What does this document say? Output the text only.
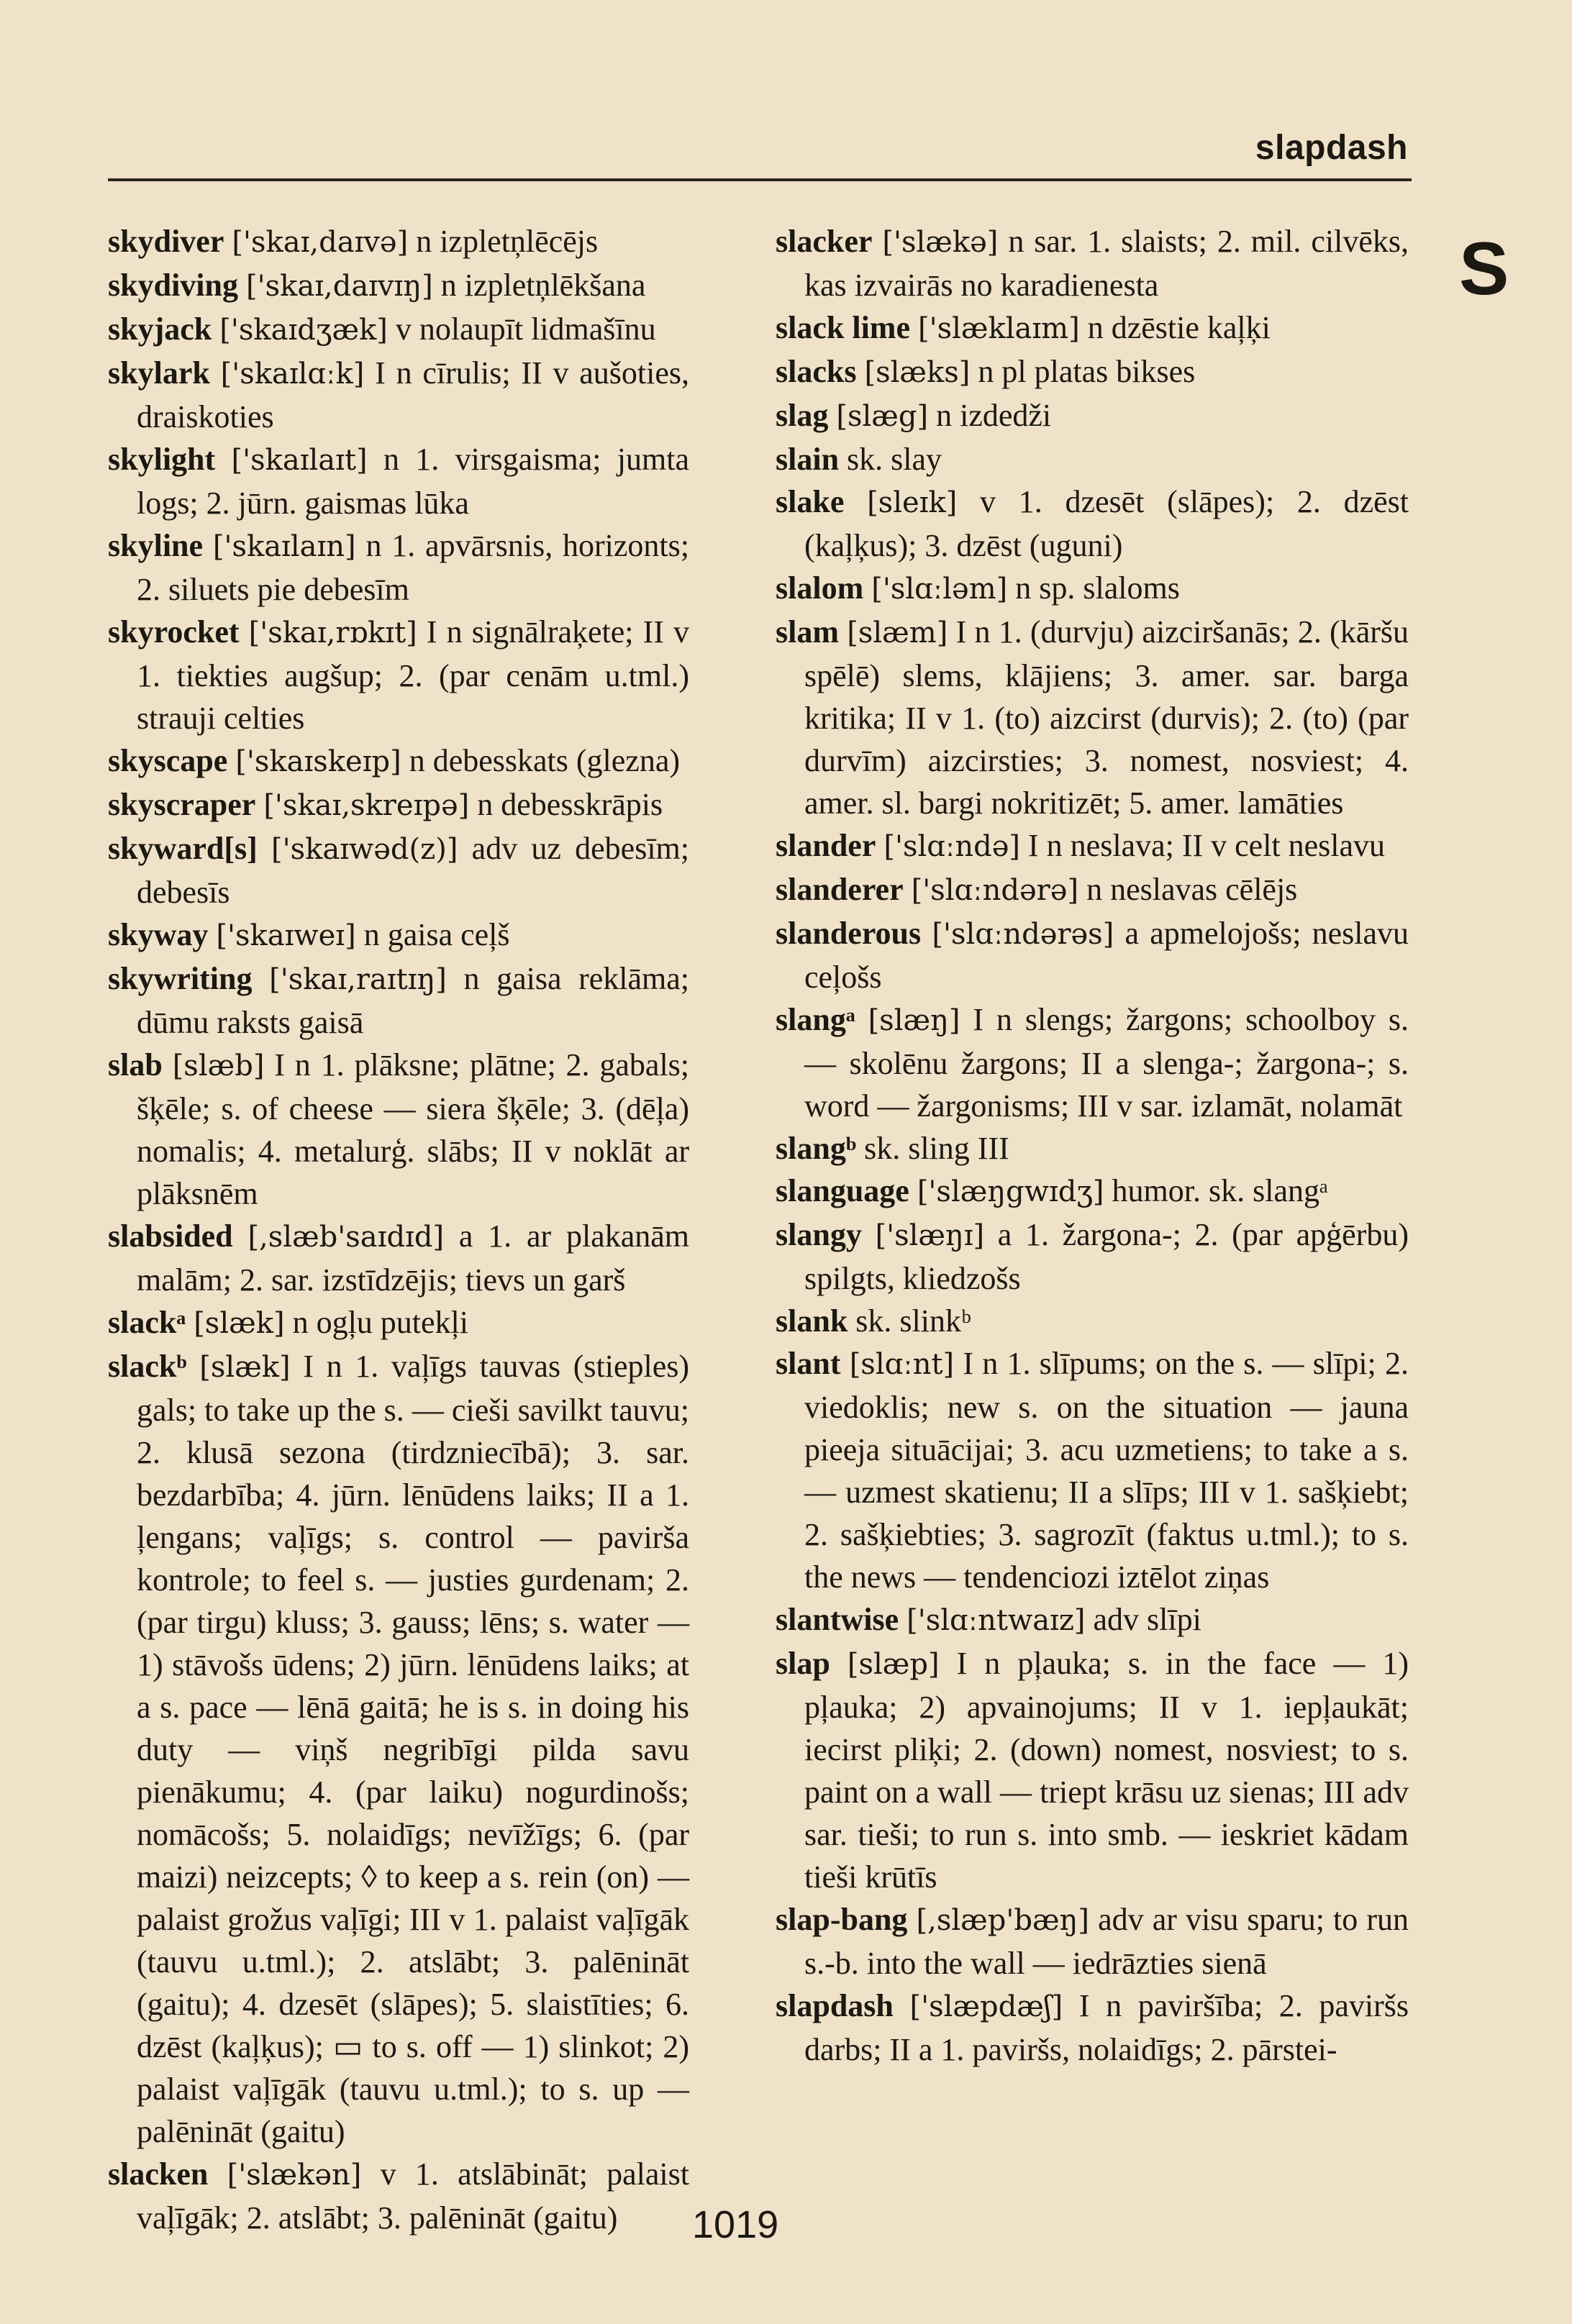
slapdash
S
skydiver ['skaɪ,daɪvə] n izpletņlēcējs
skydiving ['skaɪ,daɪvɪŋ] n izpletņlēkšana
skyjack ['skaɪdʒæk] v nolaupīt lidmašīnu
skylark ['skaɪlɑːk] I n cīrulis; II v aušoties, draiskoties
skylight ['skaɪlaɪt] n 1. virsgaisma; jumta logs; 2. jūrn. gaismas lūka
skyline ['skaɪlaɪn] n 1. apvārsnis, horizonts; 2. siluets pie debesīm
skyrocket ['skaɪ,rɒkɪt] I n signālraķete; II v 1. tiekties augšup; 2. (par cenām u.tml.) strauji celties
skyscape ['skaɪskeɪp] n debesskats (glezna)
skyscraper ['skaɪ,skreɪpə] n debesskrāpis
skyward[s] ['skaɪwəd(z)] adv uz debesīm; debesīs
skyway ['skaɪweɪ] n gaisa ceļš
skywriting ['skaɪ,raɪtɪŋ] n gaisa reklāma; dūmu raksts gaisā
slab [slæb] I n 1. plāksne; plātne; 2. gabals; šķēle; s. of cheese — siera šķēle; 3. (dēļa) nomalis; 4. metalurģ. slābs; II v noklāt ar plāksnēm
slabsided [,slæb'saɪdɪd] a 1. ar plakanām malām; 2. sar. izstīdzējis; tievs un garš
slackᵃ [slæk] n ogļu putekļi
slackᵇ [slæk] I n 1. vaļīgs tauvas (stieples) gals; to take up the s. — cieši savilkt tauvu; 2. klusā sezona (tirdzniecībā); 3. sar. bezdarbība; 4. jūrn. lēnūdens laiks; II a 1. ļengans; vaļīgs; s. control — pavirša kontrole; to feel s. — justies gurdenam; 2. (par tirgu) kluss; 3. gauss; lēns; s. water — 1) stāvošs ūdens; 2) jūrn. lēnūdens laiks; at a s. pace — lēnā gaitā; he is s. in doing his duty — viņš negribīgi pilda savu pienākumu; 4. (par laiku) nogurdinošs; nomācošs; 5. nolaidīgs; nevīžīgs; 6. (par maizi) neizcepts; ◊ to keep a s. rein (on) — palaist grožus vaļīgi; III v 1. palaist vaļīgāk (tauvu u.tml.); 2. atslābt; 3. palēnināt (gaitu); 4. dzesēt (slāpes); 5. slaistīties; 6. dzēst (kaļķus); ▭ to s. off — 1) slinkot; 2) palaist vaļīgāk (tauvu u.tml.); to s. up — palēnināt (gaitu)
slacken ['slækən] v 1. atslābināt; palaist vaļīgāk; 2. atslābt; 3. palēnināt (gaitu)
slacker ['slækə] n sar. 1. slaists; 2. mil. cilvēks, kas izvairās no karadienesta
slack lime ['slæklaɪm] n dzēstie kaļķi
slacks [slæks] n pl platas bikses
slag [slæg] n izdedži
slain sk. slay
slake [sleɪk] v 1. dzesēt (slāpes); 2. dzēst (kaļķus); 3. dzēst (uguni)
slalom ['slɑːləm] n sp. slaloms
slam [slæm] I n 1. (durvju) aizciršanās; 2. (kāršu spēlē) slems, klājiens; 3. amer. sar. barga kritika; II v 1. (to) aizcirst (durvis); 2. (to) (par durvīm) aizcirsties; 3. nomest, nosviest; 4. amer. sl. bargi nokritizēt; 5. amer. lamāties
slander ['slɑːndə] I n neslava; II v celt neslavu
slanderer ['slɑːndərə] n neslavas cēlējs
slanderous ['slɑːndərəs] a apmelojošs; neslavu ceļošs
slangᵃ [slæŋ] I n slengs; žargons; schoolboy s. — skolēnu žargons; II a slenga-; žargona-; s. word — žargonisms; III v sar. izlamāt, nolamāt
slangᵇ sk. sling III
slanguage ['slæŋgwɪdʒ] humor. sk. slangᵃ
slangy ['slæŋɪ] a 1. žargona-; 2. (par apģērbu) spilgts, kliedzošs
slank sk. slinkᵇ
slant [slɑːnt] I n 1. slīpums; on the s. — slīpi; 2. viedoklis; new s. on the situation — jauna pieeja situācijai; 3. acu uzmetiens; to take a s. — uzmest skatienu; II a slīps; III v 1. sašķiebt; 2. sašķiebties; 3. sagrozīt (faktus u.tml.); to s. the news — tendenciozi iztēlot ziņas
slantwise ['slɑːntwaɪz] adv slīpi
slap [slæp] I n pļauka; s. in the face — 1) pļauka; 2) apvainojums; II v 1. iepļaukāt; iecirst pliķi; 2. (down) nomest, nosviest; to s. paint on a wall — triept krāsu uz sienas; III adv sar. tieši; to run s. into smb. — ieskriet kādam tieši krūtīs
slap-bang [,slæp'bæŋ] adv ar visu sparu; to run s.-b. into the wall — iedrāzties sienā
slapdash ['slæpdæʃ] I n paviršība; 2. paviršs darbs; II a 1. paviršs, nolaidīgs; 2. pārstei-
1019
